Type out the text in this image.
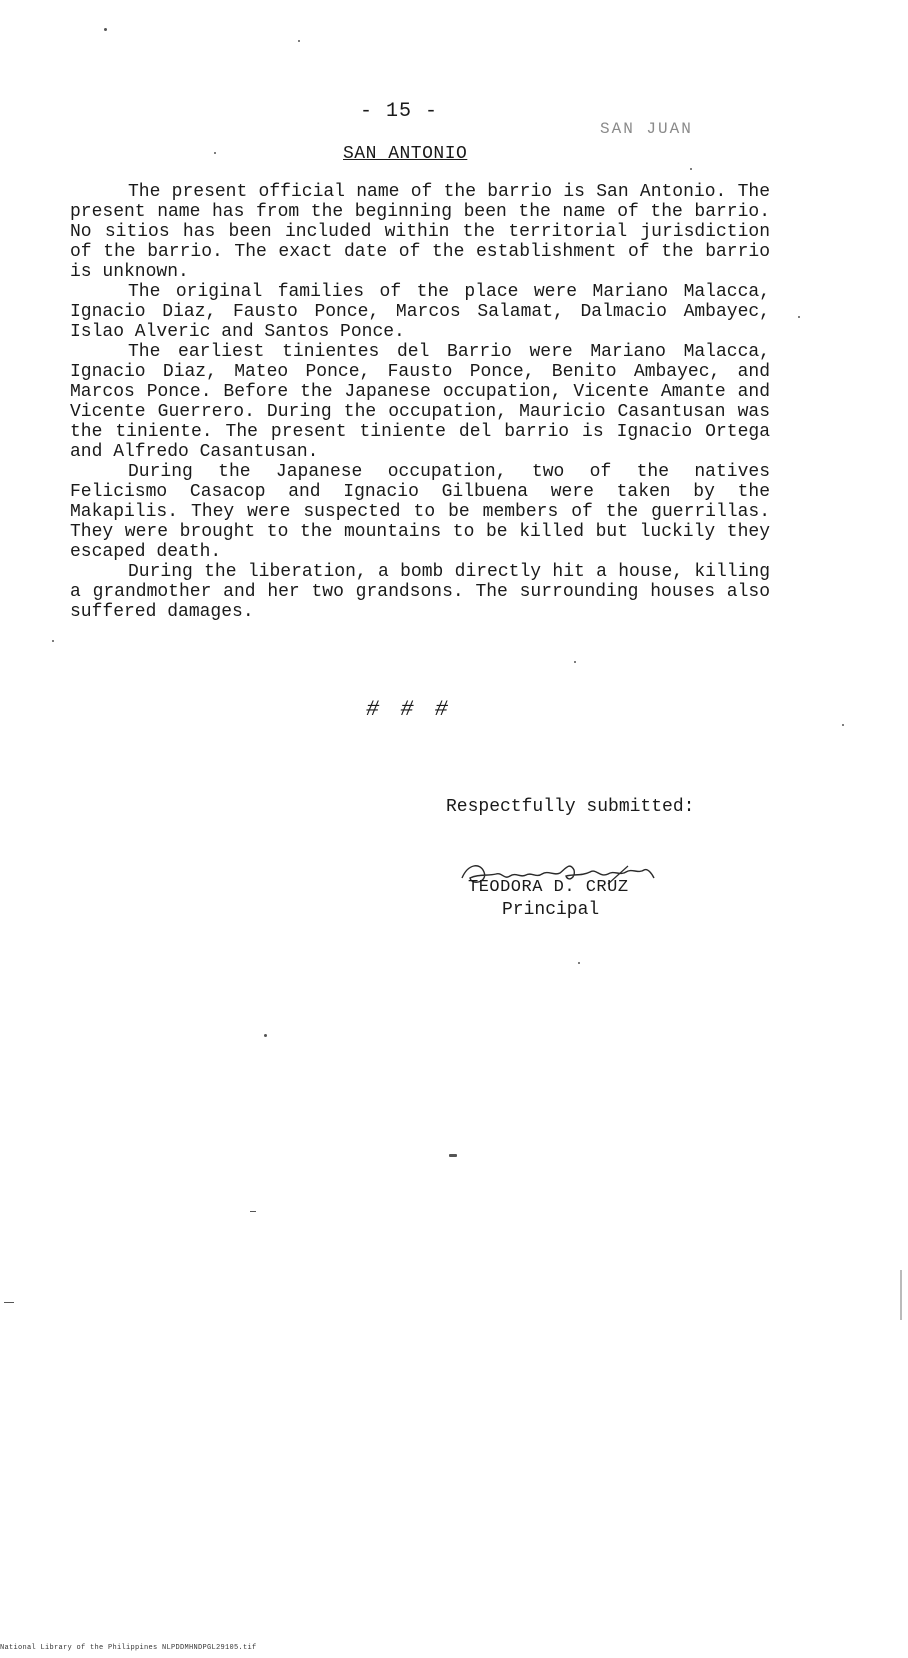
- 15 -
SAN JUAN
SAN ANTONIO

The present official name of the barrio is San Antonio. The present name has from the beginning been the name of the barrio. No sitios has been included within the territorial jurisdiction of the barrio. The exact date of the establishment of the barrio is unknown.

The original families of the place were Mariano Malacca, Ignacio Diaz, Fausto Ponce, Marcos Salamat, Dalmacio Ambayec, Islao Alveric and Santos Ponce.

The earliest tinientes del Barrio were Mariano Malacca, Ignacio Diaz, Mateo Ponce, Fausto Ponce, Benito Ambayec, and Marcos Ponce. Before the Japanese occupation, Vicente Amante and Vicente Guerrero. During the occupation, Mauricio Casantusan was the tiniente. The present tiniente del barrio is Ignacio Ortega and Alfredo Casantusan.

During the Japanese occupation, two of the natives Felicismo Casacop and Ignacio Gilbuena were taken by the Makapilis. They were suspected to be members of the guerrillas. They were brought to the mountains to be killed but luckily they escaped death.

During the liberation, a bomb directly hit a house, killing a grandmother and her two grandsons. The surrounding houses also suffered damages.

# # #
Respectfully submitted:
TEODORA D. CRUZ
Principal
National Library of the Philippines NLPDDMHNDPGL29105.tif
